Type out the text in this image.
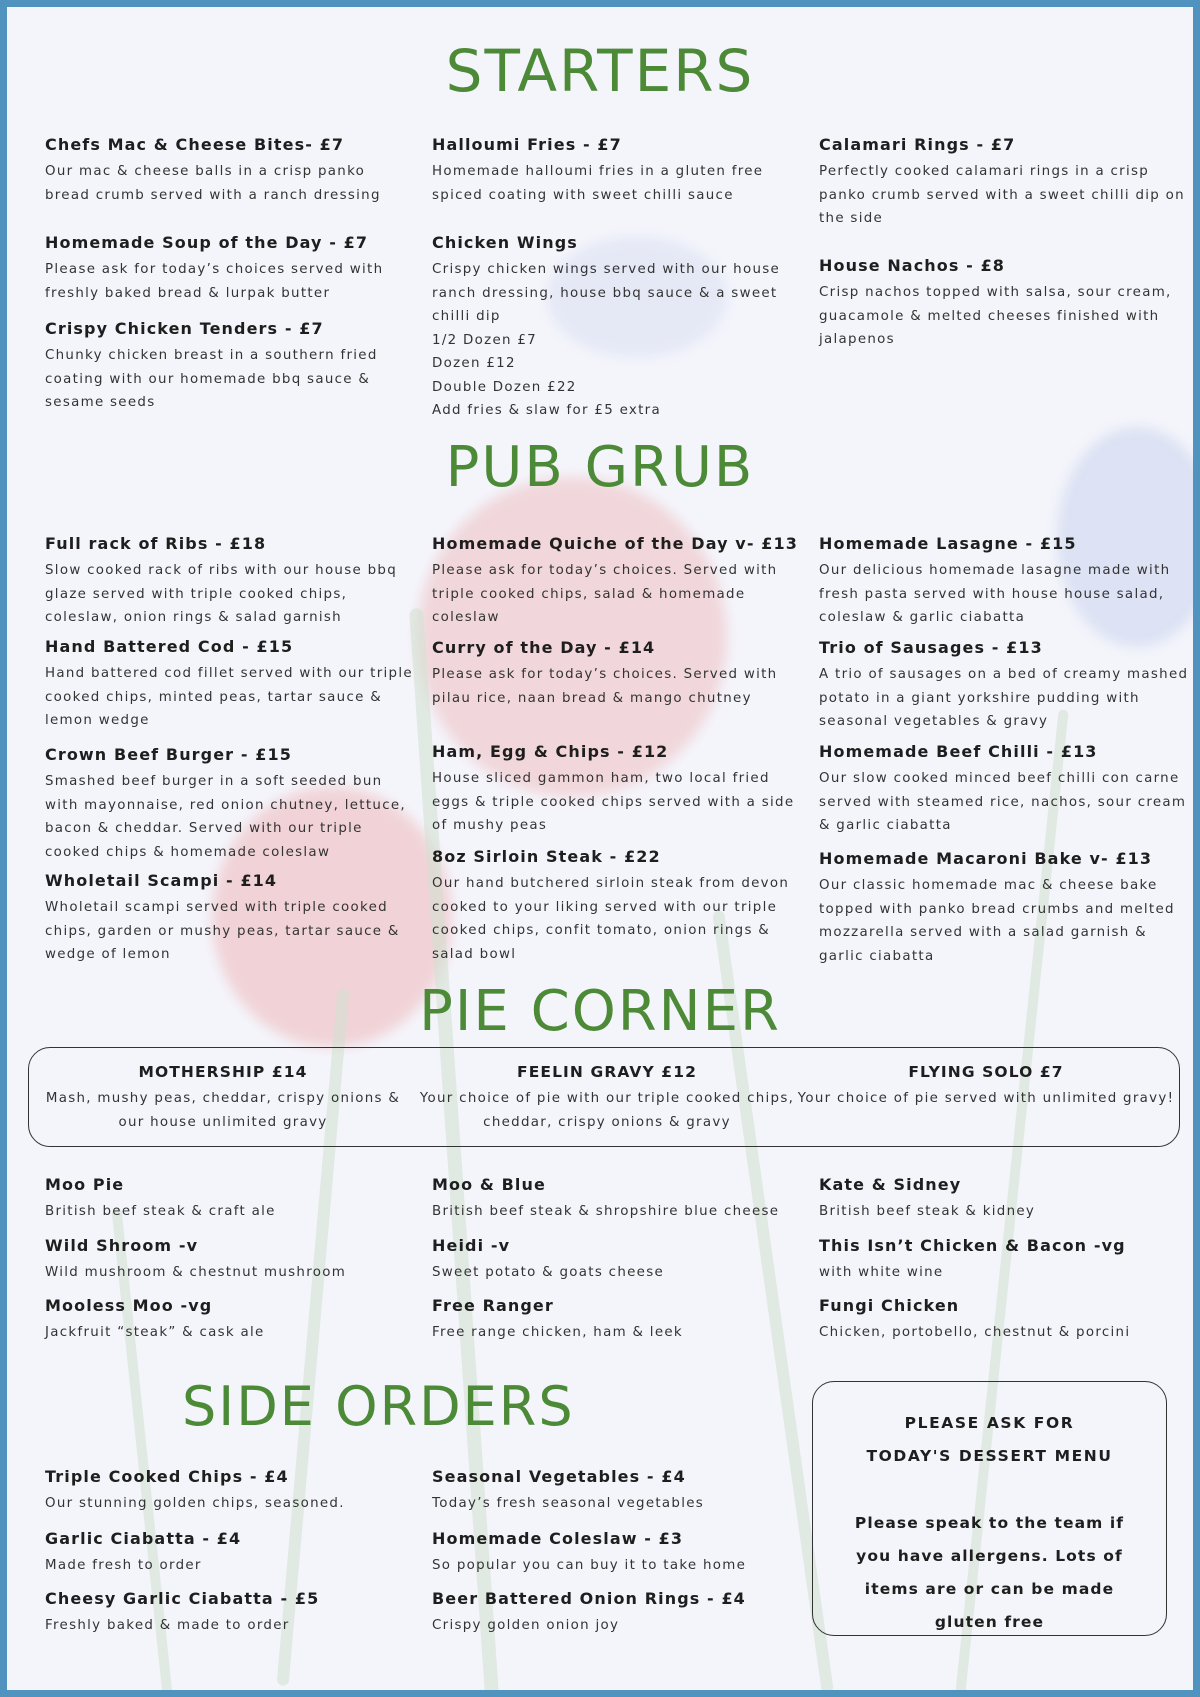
STARTERS

Chefs Mac & Cheese Bites- £7

Our mac & cheese balls in a crisp panko bread crumb served with a ranch dressing

Homemade Soup of the Day - £7

Please ask for today’s choices served with freshly baked bread & lurpak butter

Crispy Chicken Tenders - £7

Chunky chicken breast in a southern fried coating with our homemade bbq sauce & sesame seeds

Halloumi Fries - £7

Homemade halloumi fries in a gluten free spiced coating with sweet chilli sauce

Chicken Wings

Crispy chicken wings served with our house ranch dressing, house bbq sauce & a sweet chilli dip
1/2 Dozen £7
Dozen £12
Double Dozen £22
Add fries & slaw for £5 extra

Calamari Rings - £7

Perfectly cooked calamari rings in a crisp panko crumb served with a sweet chilli dip on the side

House Nachos - £8

Crisp nachos topped with salsa, sour cream, guacamole & melted cheeses finished with jalapenos

PUB GRUB

Full rack of Ribs - £18

Slow cooked rack of ribs with our house bbq glaze served with triple cooked chips, coleslaw, onion rings & salad garnish

Hand Battered Cod - £15

Hand battered cod fillet served with our triple cooked chips, minted peas, tartar sauce & lemon wedge

Crown Beef Burger - £15

Smashed beef burger in a soft seeded bun with mayonnaise, red onion chutney, lettuce, bacon & cheddar. Served with our triple cooked chips & homemade coleslaw

Wholetail Scampi - £14

Wholetail scampi served with triple cooked chips, garden or mushy peas, tartar sauce & wedge of lemon

Homemade Quiche of the Day v- £13

Please ask for today’s choices. Served with triple cooked chips, salad & homemade coleslaw

Curry of the Day - £14

Please ask for today’s choices. Served with pilau rice, naan bread & mango chutney

Ham, Egg & Chips - £12

House sliced gammon ham, two local fried eggs & triple cooked chips served with a side of mushy peas

8oz Sirloin Steak - £22

Our hand butchered sirloin steak from devon cooked to your liking served with our triple cooked chips, confit tomato, onion rings & salad bowl

Homemade Lasagne - £15

Our delicious homemade lasagne made with fresh pasta served with house house salad, coleslaw & garlic ciabatta

Trio of Sausages - £13

A trio of sausages on a bed of creamy mashed potato in a giant yorkshire pudding with seasonal vegetables & gravy

Homemade Beef Chilli - £13

Our slow cooked minced beef chilli con carne served with steamed rice, nachos, sour cream & garlic ciabatta

Homemade Macaroni Bake v- £13

Our classic homemade mac & cheese bake topped with panko bread crumbs and melted mozzarella served with a salad garnish & garlic ciabatta

PIE CORNER

MOTHERSHIP £14

Mash, mushy peas, cheddar, crispy onions & our house unlimited gravy

FEELIN GRAVY £12

Your choice of pie with our triple cooked chips, cheddar, crispy onions & gravy

FLYING SOLO £7

Your choice of pie served with unlimited gravy!

Moo Pie

British beef steak & craft ale

Wild Shroom -v

Wild mushroom & chestnut mushroom

Mooless Moo -vg

Jackfruit “steak” & cask ale

Moo & Blue

British beef steak & shropshire blue cheese

Heidi -v

Sweet potato & goats cheese

Free Ranger

Free range chicken, ham & leek

Kate & Sidney

British beef steak & kidney

This Isn’t Chicken & Bacon -vg

with white wine

Fungi Chicken

Chicken, portobello, chestnut & porcini

SIDE ORDERS

Triple Cooked Chips - £4

Our stunning golden chips, seasoned.

Garlic Ciabatta - £4

Made fresh to order

Cheesy Garlic Ciabatta - £5

Freshly baked & made to order

Seasonal Vegetables - £4

Today’s fresh seasonal vegetables

Homemade Coleslaw - £3

So popular you can buy it to take home

Beer Battered Onion Rings - £4

Crispy golden onion joy

PLEASE ASK FOR TODAY'S DESSERT MENU

Please speak to the team if you have allergens. Lots of items are or can be made gluten free
